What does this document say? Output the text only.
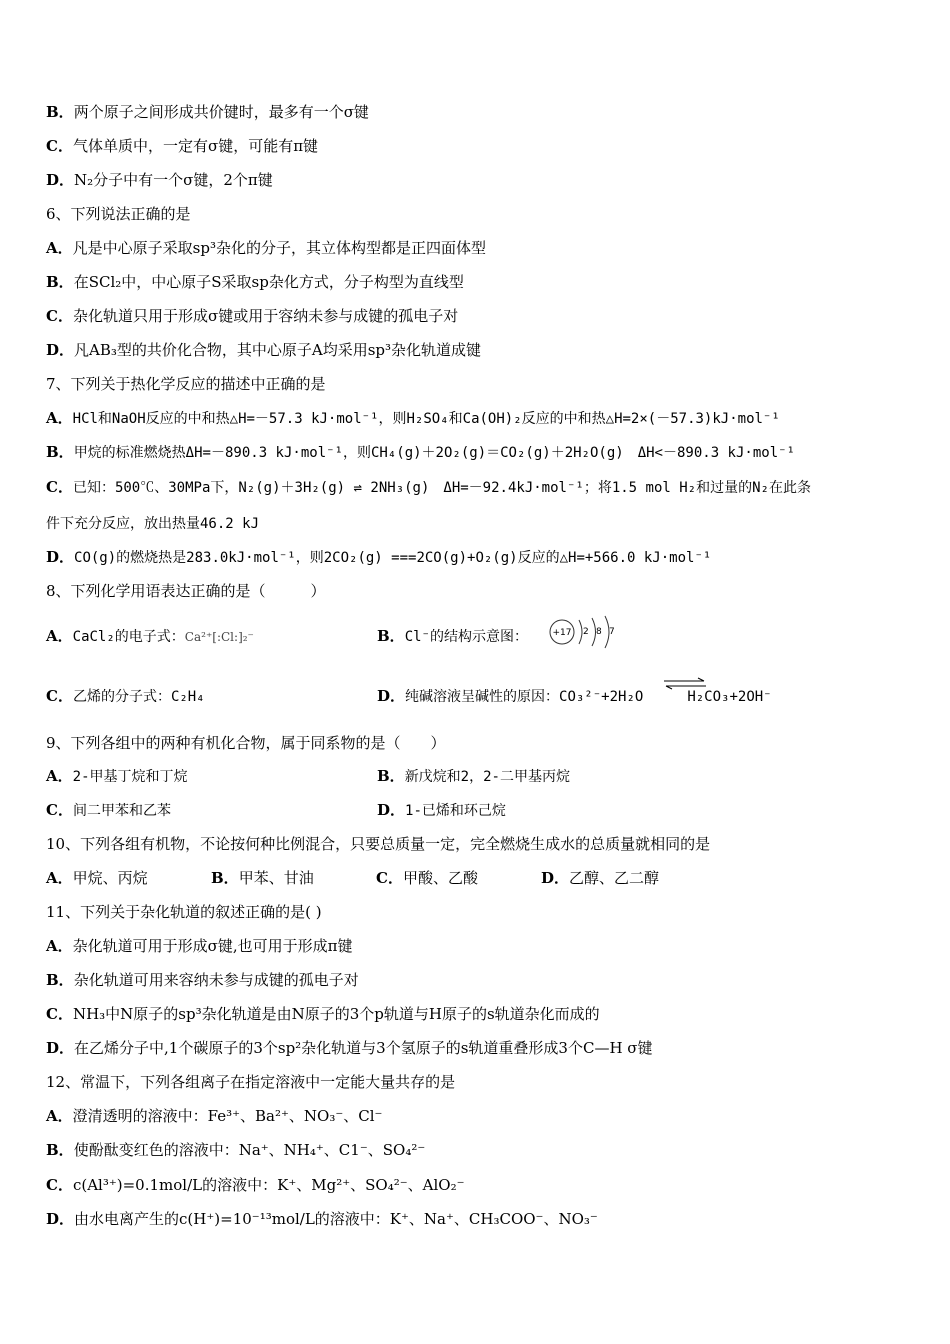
B．两个原子之间形成共价键时，最多有一个σ键
C．气体单质中，一定有σ键，可能有π键
D．N₂分子中有一个σ键，2个π键
6、下列说法正确的是
A．凡是中心原子采取sp³杂化的分子，其立体构型都是正四面体型
B．在SCl₂中，中心原子S采取sp杂化方式，分子构型为直线型
C．杂化轨道只用于形成σ键或用于容纳未参与成键的孤电子对
D．凡AB₃型的共价化合物，其中心原子A均采用sp³杂化轨道成键
7、下列关于热化学反应的描述中正确的是
A．HCl和NaOH反应的中和热△H=－57.3 kJ·mol⁻¹，则H₂SO₄和Ca(OH)₂反应的中和热△H=2×(－57.3)kJ·mol⁻¹
B．甲烷的标准燃烧热ΔH=－890.3 kJ·mol⁻¹，则CH₄(g)＋2O₂(g)＝CO₂(g)＋2H₂O(g)　ΔH<－890.3 kJ·mol⁻¹
C．已知：500℃、30MPa下，N₂(g)＋3H₂(g) ⇌ 2NH₃(g)　ΔH=－92.4kJ·mol⁻¹；将1.5 mol H₂和过量的N₂在此条
件下充分反应，放出热量46.2 kJ
D．CO(g)的燃烧热是283.0kJ·mol⁻¹，则2CO₂(g) ===2CO(g)+O₂(g)反应的△H=+566.0 kJ·mol⁻¹
8、下列化学用语表达正确的是（　　　）
A．CaCl₂的电子式：Ca²⁺[:Cl:]₂⁻	B．Cl⁻的结构示意图：	+17 2 8 7
C．乙烯的分子式：C₂H₄	D．纯碱溶液呈碱性的原因：CO₃²⁻+2H₂O	H₂CO₃+2OH⁻
9、下列各组中的两种有机化合物，属于同系物的是（　　）
A．2-甲基丁烷和丁烷	B．新戊烷和2，2-二甲基丙烷
C．间二甲苯和乙苯	D．1-已烯和环己烷
10、下列各组有机物，不论按何种比例混合，只要总质量一定，完全燃烧生成水的总质量就相同的是
A．甲烷、丙烷	B．甲苯、甘油	C．甲酸、乙酸	D．乙醇、乙二醇
11、下列关于杂化轨道的叙述正确的是( )
A．杂化轨道可用于形成σ键,也可用于形成π键
B．杂化轨道可用来容纳未参与成键的孤电子对
C．NH₃中N原子的sp³杂化轨道是由N原子的3个p轨道与H原子的s轨道杂化而成的
D．在乙烯分子中,1个碳原子的3个sp²杂化轨道与3个氢原子的s轨道重叠形成3个C—H σ键
12、常温下，下列各组离子在指定溶液中一定能大量共存的是
A．澄清透明的溶液中：Fe³⁺、Ba²⁺、NO₃⁻、Cl⁻
B．使酚酞变红色的溶液中：Na⁺、NH₄⁺、C1⁻、SO₄²⁻
C．c(Al³⁺)=0.1mol/L的溶液中：K⁺、Mg²⁺、SO₄²⁻、AlO₂⁻
D．由水电离产生的c(H⁺)=10⁻¹³mol/L的溶液中：K⁺、Na⁺、CH₃COO⁻、NO₃⁻
